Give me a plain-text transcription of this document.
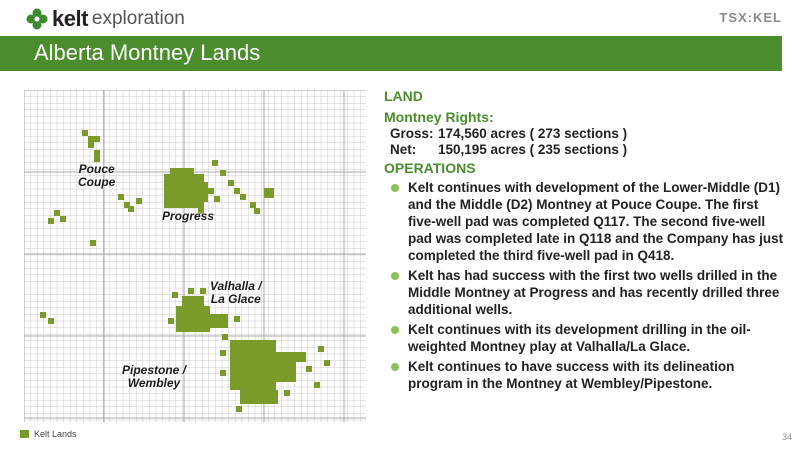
kelt exploration	TSX:KEL
Alberta Montney Lands
Pouce
Coupe
Progress
Valhalla /
La Glace
Pipestone /
Wembley
Kelt Lands
LAND
Montney Rights:
Gross: 174,560 acres ( 273 sections )
Net:	150,195 acres ( 235 sections )
OPERATIONS
Kelt continues with development of the Lower-Middle (D1) and the Middle (D2) Montney at Pouce Coupe. The first five-well pad was completed Q117. The second five-well pad was completed late in Q118 and the Company has just completed the third five-well pad in Q418.
Kelt has had success with the first two wells drilled in the Middle Montney at Progress and has recently drilled three additional wells.
Kelt continues with its development drilling in the oil-weighted Montney play at Valhalla/La Glace.
Kelt continues to have success with its delineation program in the Montney at Wembley/Pipestone.
34
